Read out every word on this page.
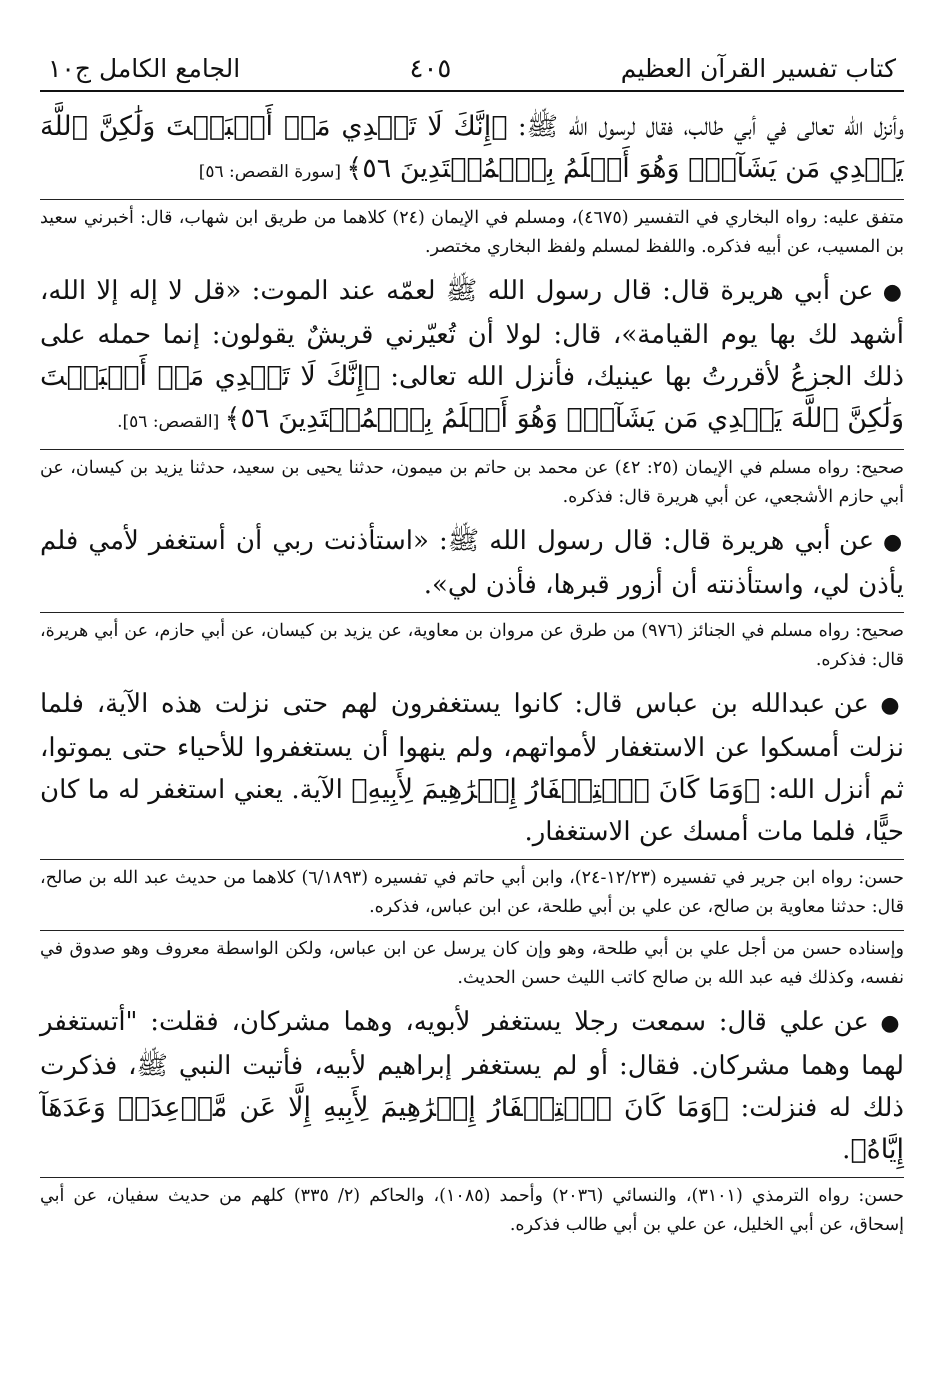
كتاب تفسير القرآن العظيم
٤٠٥
الجامع الكامل ج١٠

وأنزل الله تعالى في أبي طالب، فقال لرسول الله ﷺ: ﴿إِنَّكَ لَا تَهۡدِي مَنۡ أَحۡبَبۡتَ وَلَٰكِنَّ ٱللَّهَ يَهۡدِي مَن يَشَآءُۚ وَهُوَ أَعۡلَمُ بِٱلۡمُهۡتَدِينَ ٥٦﴾ [سورة القصص: ٥٦]

متفق عليه: رواه البخاري في التفسير (٤٦٧٥)، ومسلم في الإيمان (٢٤) كلاهما من طريق ابن شهاب، قال: أخبرني سعيد بن المسيب، عن أبيه فذكره. واللفظ لمسلم ولفظ البخاري مختصر.

● عن أبي هريرة قال: قال رسول الله ﷺ لعمّه عند الموت: «قل لا إله إلا الله، أشهد لك بها يوم القيامة»، قال: لولا أن تُعيّرني قريشٌ يقولون: إنما حمله على ذلك الجزعُ لأقررتُ بها عينيك، فأنزل الله تعالى: ﴿إِنَّكَ لَا تَهۡدِي مَنۡ أَحۡبَبۡتَ وَلَٰكِنَّ ٱللَّهَ يَهۡدِي مَن يَشَآءُۚ وَهُوَ أَعۡلَمُ بِٱلۡمُهۡتَدِينَ ٥٦﴾ [القصص: ٥٦].

صحيح: رواه مسلم في الإيمان (٢٥: ٤٢) عن محمد بن حاتم بن ميمون، حدثنا يحيى بن سعيد، حدثنا يزيد بن كيسان، عن أبي حازم الأشجعي، عن أبي هريرة قال: فذكره.

● عن أبي هريرة قال: قال رسول الله ﷺ: «استأذنت ربي أن أستغفر لأمي فلم يأذن لي، واستأذنته أن أزور قبرها، فأذن لي».

صحيح: رواه مسلم في الجنائز (٩٧٦) من طرق عن مروان بن معاوية، عن يزيد بن كيسان، عن أبي حازم، عن أبي هريرة، قال: فذكره.

● عن عبدالله بن عباس قال: كانوا يستغفرون لهم حتى نزلت هذه الآية، فلما نزلت أمسكوا عن الاستغفار لأمواتهم، ولم ينهوا أن يستغفروا للأحياء حتى يموتوا، ثم أنزل الله: ﴿وَمَا كَانَ ٱسۡتِغۡفَارُ إِبۡرَٰهِيمَ لِأَبِيهِ﴾ الآية. يعني استغفر له ما كان حيًّا، فلما مات أمسك عن الاستغفار.

حسن: رواه ابن جرير في تفسيره (١٢/٢٣-٢٤)، وابن أبي حاتم في تفسيره (٦/١٨٩٣) كلاهما من حديث عبد الله بن صالح، قال: حدثنا معاوية بن صالح، عن علي بن أبي طلحة، عن ابن عباس، فذكره.

وإسناده حسن من أجل علي بن أبي طلحة، وهو وإن كان يرسل عن ابن عباس، ولكن الواسطة معروف وهو صدوق في نفسه، وكذلك فيه عبد الله بن صالح كاتب الليث حسن الحديث.

● عن علي قال: سمعت رجلا يستغفر لأبويه، وهما مشركان، فقلت: "أتستغفر لهما وهما مشركان. فقال: أو لم يستغفر إبراهيم لأبيه، فأتيت النبي ﷺ، فذكرت ذلك له فنزلت: ﴿وَمَا كَانَ ٱسۡتِغۡفَارُ إِبۡرَٰهِيمَ لِأَبِيهِ إِلَّا عَن مَّوۡعِدَةٖ وَعَدَهَآ إِيَّاهُ﴾.

حسن: رواه الترمذي (٣١٠١)، والنسائي (٢٠٣٦) وأحمد (١٠٨٥)، والحاكم (٢/ ٣٣٥) كلهم من حديث سفيان، عن أبي إسحاق، عن أبي الخليل، عن علي بن أبي طالب فذكره.
